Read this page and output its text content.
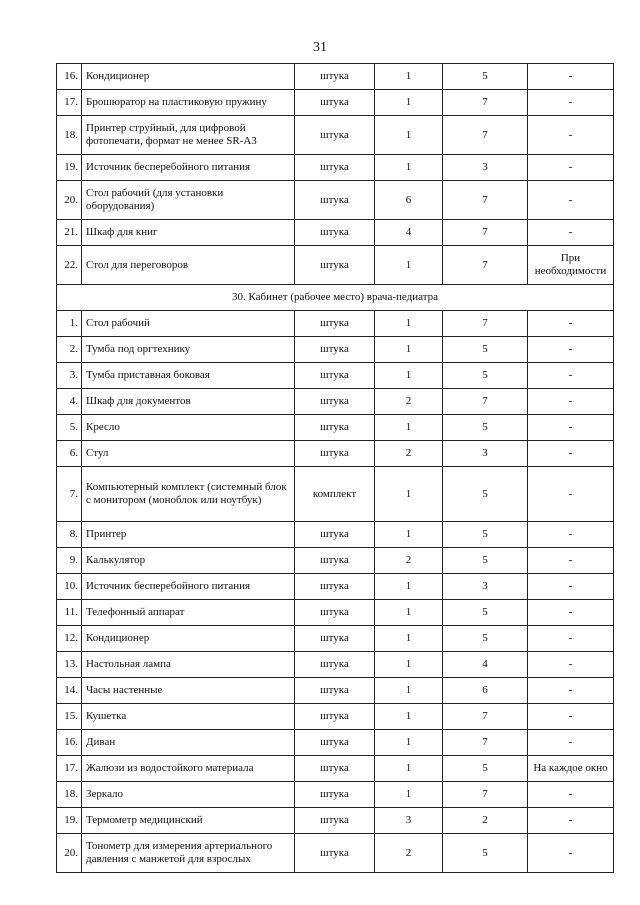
31
16.	Кондиционер	штука	1	5	-
17.	Брошюратор на пластиковую пружину	штука	1	7	-
18.	Принтер струйный, для цифровой фотопечати, формат не менее SR-A3	штука	1	7	-
19.	Источник бесперебойного питания	штука	1	3	-
20.	Стол рабочий (для установки оборудования)	штука	6	7	-
21.	Шкаф для книг	штука	4	7	-
22.	Стол для переговоров	штука	1	7	При необходимости
30. Кабинет (рабочее место) врача-педиатра					
1.	Стол рабочий	штука	1	7	-
2.	Тумба под оргтехнику	штука	1	5	-
3.	Тумба приставная боковая	штука	1	5	-
4.	Шкаф для документов	штука	2	7	-
5.	Кресло	штука	1	5	-
6.	Стул	штука	2	3	-
7.	Компьютерный комплект (системный блок с монитором (моноблок или ноутбук)	комплект	1	5	-
8.	Принтер	штука	1	5	-
9.	Калькулятор	штука	2	5	-
10.	Источник бесперебойного питания	штука	1	3	-
11.	Телефонный аппарат	штука	1	5	-
12.	Кондиционер	штука	1	5	-
13.	Настольная лампа	штука	1	4	-
14.	Часы настенные	штука	1	6	-
15.	Кушетка	штука	1	7	-
16.	Диван	штука	1	7	-
17.	Жалюзи из водостойкого материала	штука	1	5	На каждое окно
18.	Зеркало	штука	1	7	-
19.	Термометр медицинский	штука	3	2	-
20.	Тонометр для измерения артериального давления с манжетой для взрослых	штука	2	5	-
